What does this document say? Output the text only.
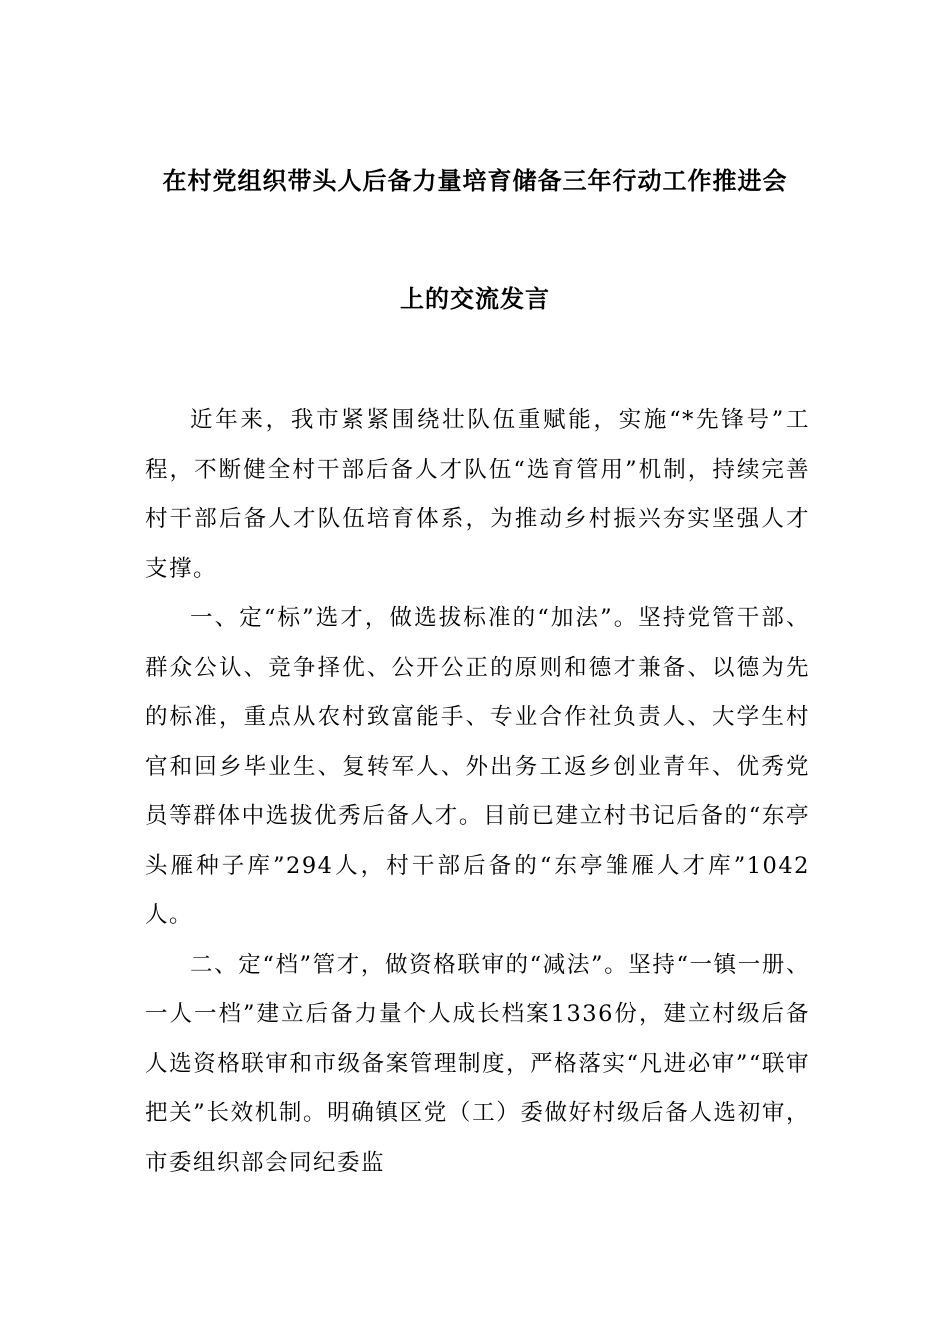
在村党组织带头人后备力量培育储备三年行动工作推进会
上的交流发言

近年来，我市紧紧围绕壮队伍重赋能，实施“*先锋号”工程，不断健全村干部后备人才队伍“选育管用”机制，持续完善村干部后备人才队伍培育体系，为推动乡村振兴夯实坚强人才支撑。

一、定“标”选才，做选拔标准的“加法”。坚持党管干部、群众公认、竞争择优、公开公正的原则和德才兼备、以德为先的标准，重点从农村致富能手、专业合作社负责人、大学生村官和回乡毕业生、复转军人、外出务工返乡创业青年、优秀党员等群体中选拔优秀后备人才。目前已建立村书记后备的“东亭头雁种子库”294人，村干部后备的“东亭雏雁人才库”1042人。

二、定“档”管才，做资格联审的“减法”。坚持“一镇一册、一人一档”建立后备力量个人成长档案1336份，建立村级后备人选资格联审和市级备案管理制度，严格落实“凡进必审”“联审把关”长效机制。明确镇区党（工）委做好村级后备人选初审，市委组织部会同纪委监
